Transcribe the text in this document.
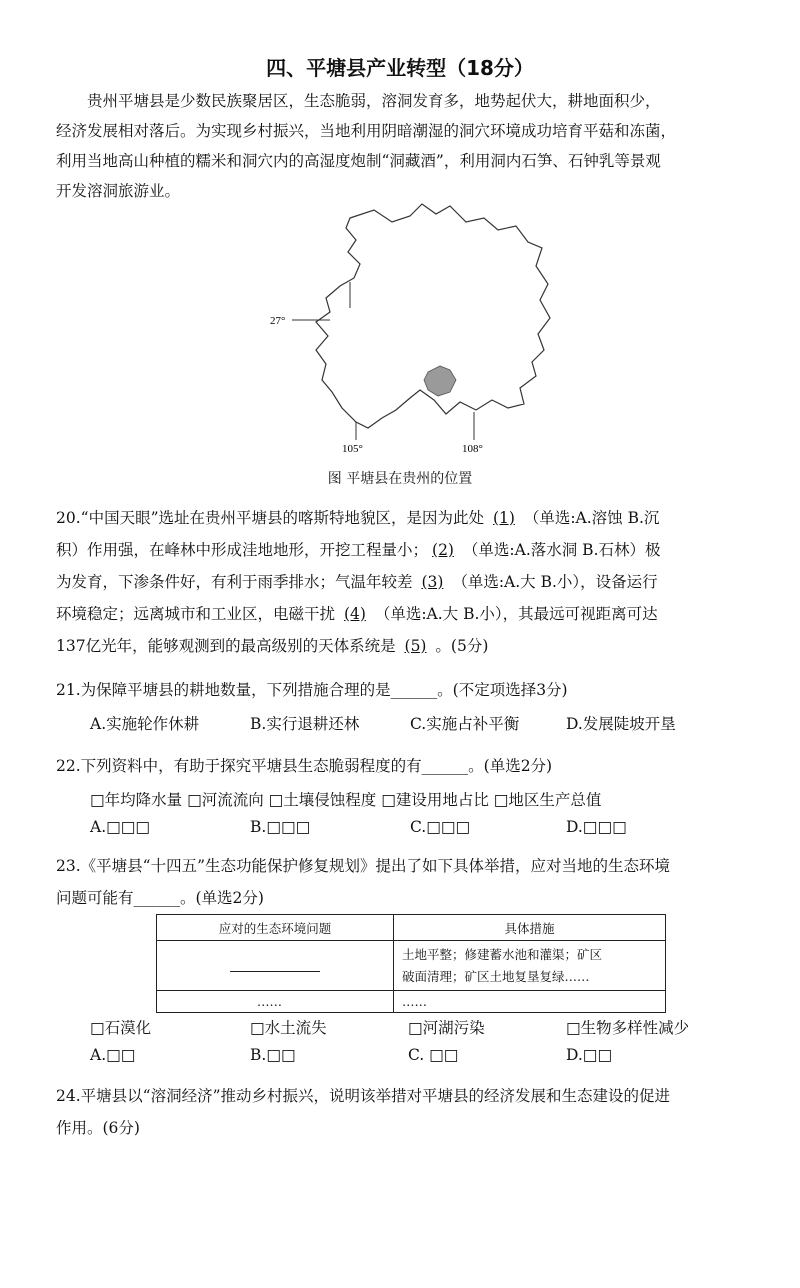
四、平塘县产业转型（18分）
贵州平塘县是少数民族聚居区，生态脆弱，溶洞发育多，地势起伏大，耕地面积少，
经济发展相对落后。为实现乡村振兴，当地利用阴暗潮湿的洞穴环境成功培育平菇和冻菌，
利用当地高山种植的糯米和洞穴内的高湿度炮制“洞藏酒”，利用洞内石笋、石钟乳等景观
开发溶洞旅游业。
27°
105°	108°
图 平塘县在贵州的位置
20.“中国天眼”选址在贵州平塘县的喀斯特地貌区，是因为此处 (1) （单选:A.溶蚀 B.沉
积）作用强，在峰林中形成洼地地形，开挖工程量小； (2) （单选:A.落水洞 B.石林）极
为发育，下渗条件好，有利于雨季排水；气温年较差 (3) （单选:A.大 B.小），设备运行
环境稳定；远离城市和工业区，电磁干扰 (4) （单选:A.大 B.小），其最远可视距离可达
137亿光年，能够观测到的最高级别的天体系统是 (5) 。(5分)
21.为保障平塘县的耕地数量，下列措施合理的是______。(不定项选择3分)
A.实施轮作休耕	B.实行退耕还林	C.实施占补平衡	D.发展陡坡开垦
22.下列资料中，有助于探究平塘县生态脆弱程度的有______。(单选2分)
□年均降水量 □河流流向 □土壤侵蚀程度 □建设用地占比 □地区生产总值
A.□□□	B.□□□	C.□□□	D.□□□
23.《平塘县“十四五”生态功能保护修复规划》提出了如下具体举措，应对当地的生态环境
问题可能有______。(单选2分)
应对的生态环境问题	具体措施

	土地平整；修建蓄水池和灌渠；矿区
破面清理；矿区土地复垦复绿……

……	……
□石漠化	□水土流失	□河湖污染	□生物多样性减少
A.□□	B.□□	C. □□	D.□□
24.平塘县以“溶洞经济”推动乡村振兴，说明该举措对平塘县的经济发展和生态建设的促进
作用。(6分)
